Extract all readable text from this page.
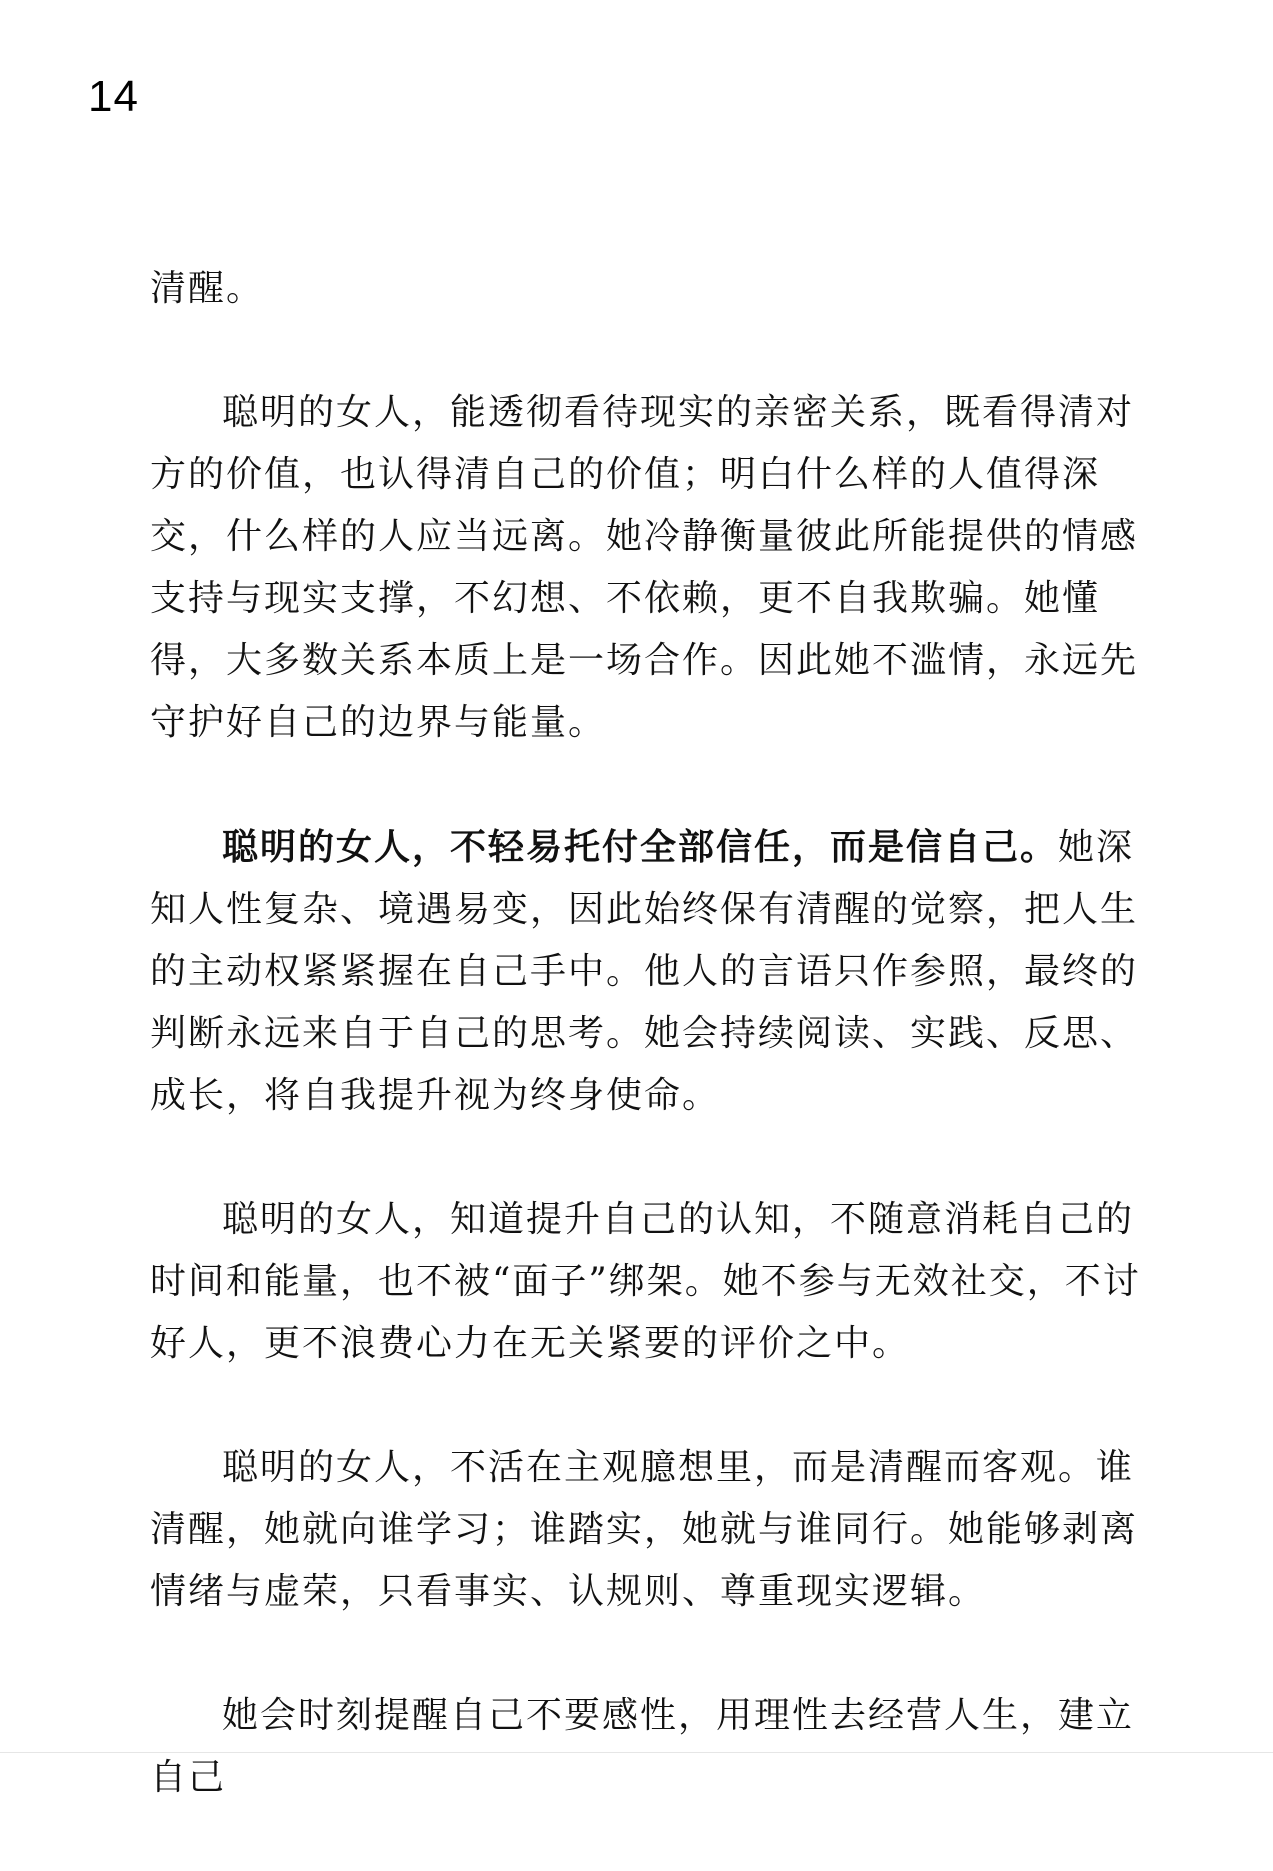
14

清醒。

聪明的女人，能透彻看待现实的亲密关系，既看得清对方的价值，也认得清自己的价值；明白什么样的人值得深交，什么样的人应当远离。她冷静衡量彼此所能提供的情感支持与现实支撑，不幻想、不依赖，更不自我欺骗。她懂得，大多数关系本质上是一场合作。因此她不滥情，永远先守护好自己的边界与能量。

聪明的女人，不轻易托付全部信任，而是信自己。她深知人性复杂、境遇易变，因此始终保有清醒的觉察，把人生的主动权紧紧握在自己手中。他人的言语只作参照，最终的判断永远来自于自己的思考。她会持续阅读、实践、反思、成长，将自我提升视为终身使命。

聪明的女人，知道提升自己的认知，不随意消耗自己的时间和能量，也不被“面子”绑架。她不参与无效社交，不讨好人，更不浪费心力在无关紧要的评价之中。

聪明的女人，不活在主观臆想里，而是清醒而客观。谁清醒，她就向谁学习；谁踏实，她就与谁同行。她能够剥离情绪与虚荣，只看事实、认规则、尊重现实逻辑。

她会时刻提醒自己不要感性，用理性去经营人生，建立自己
